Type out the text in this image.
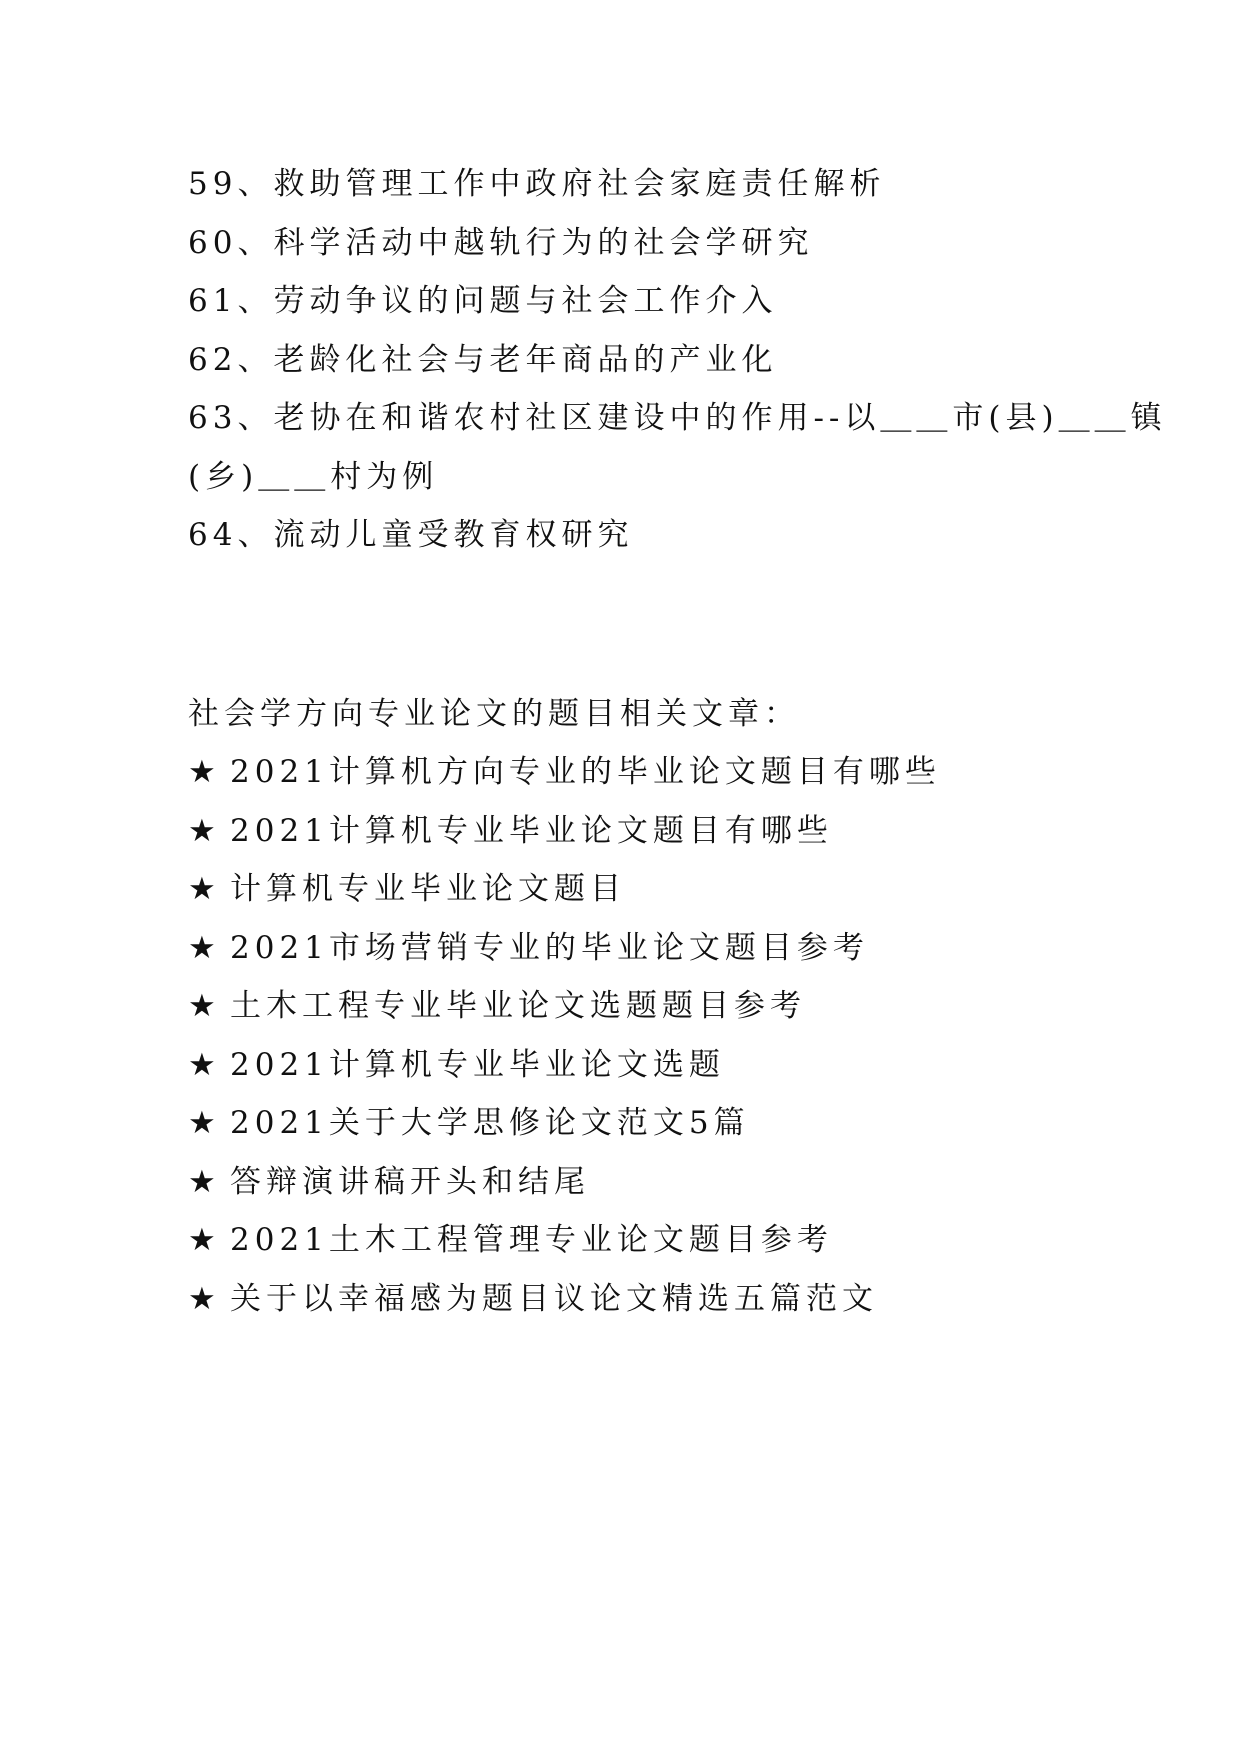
59、救助管理工作中政府社会家庭责任解析
60、科学活动中越轨行为的社会学研究
61、劳动争议的问题与社会工作介入
62、老龄化社会与老年商品的产业化
63、老协在和谐农村社区建设中的作用--以＿＿市(县)＿＿镇
(乡)＿＿村为例
64、流动儿童受教育权研究
社会学方向专业论文的题目相关文章：
★ 2021计算机方向专业的毕业论文题目有哪些
★ 2021计算机专业毕业论文题目有哪些
★ 计算机专业毕业论文题目
★ 2021市场营销专业的毕业论文题目参考
★ 土木工程专业毕业论文选题题目参考
★ 2021计算机专业毕业论文选题
★ 2021关于大学思修论文范文5篇
★ 答辩演讲稿开头和结尾
★ 2021土木工程管理专业论文题目参考
★ 关于以幸福感为题目议论文精选五篇范文
